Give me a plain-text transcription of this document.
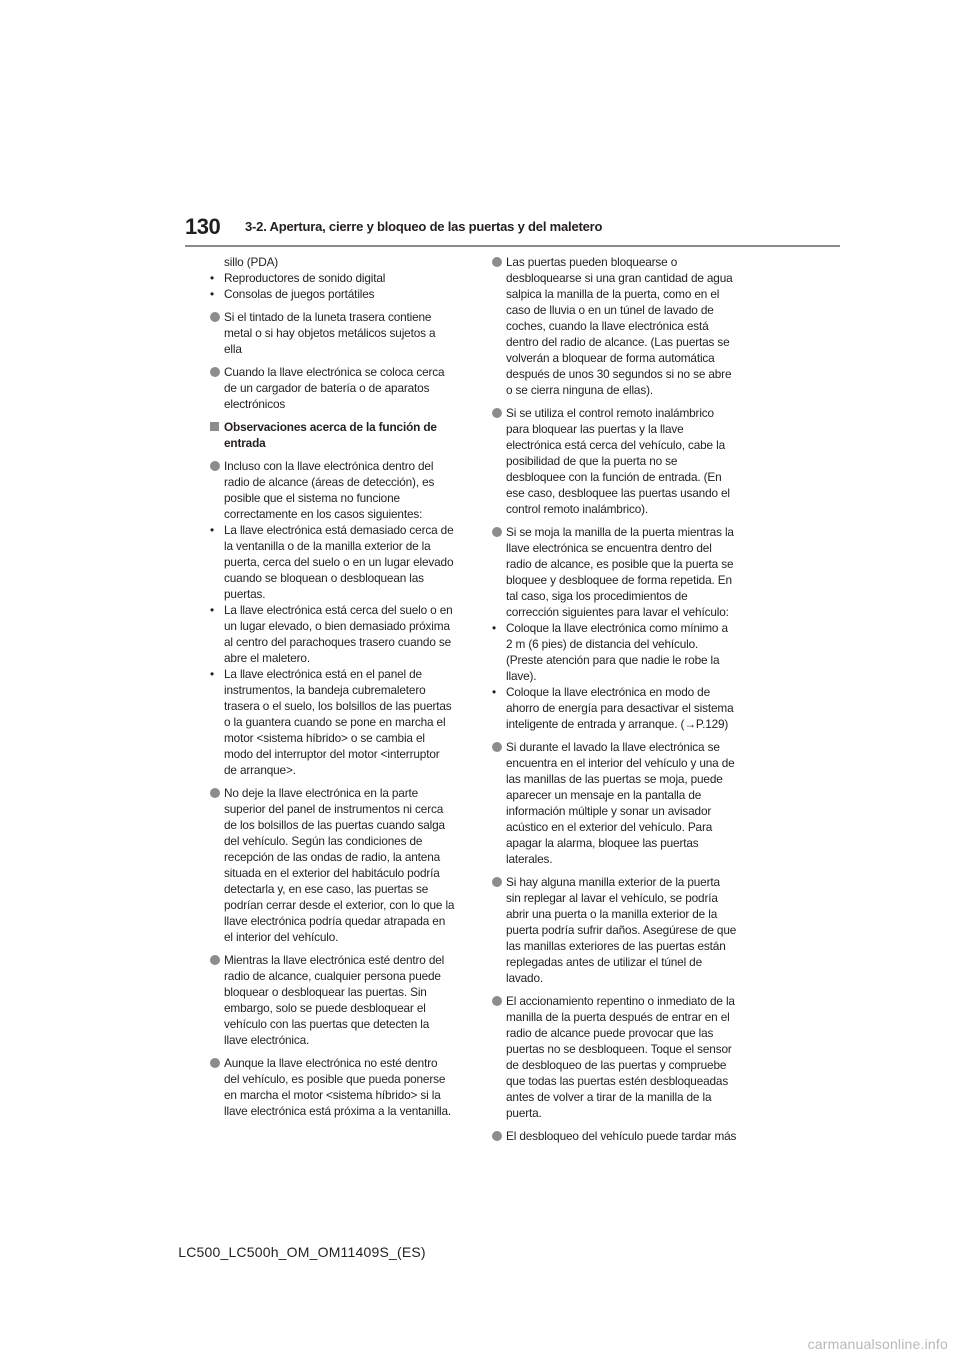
130 3-2. Apertura, cierre y bloqueo de las puertas y del maletero
sillo (PDA)
• Reproductores de sonido digital
• Consolas de juegos portátiles
Si el tintado de la luneta trasera contiene metal o si hay objetos metálicos sujetos a ella
Cuando la llave electrónica se coloca cerca de un cargador de batería o de aparatos electrónicos
Observaciones acerca de la función de entrada
Incluso con la llave electrónica dentro del radio de alcance (áreas de detección), es posible que el sistema no funcione correctamente en los casos siguientes:
• La llave electrónica está demasiado cerca de la ventanilla o de la manilla exterior de la puerta, cerca del suelo o en un lugar elevado cuando se bloquean o desbloquean las puertas.
• La llave electrónica está cerca del suelo o en un lugar elevado, o bien demasiado próxima al centro del parachoques trasero cuando se abre el maletero.
• La llave electrónica está en el panel de instrumentos, la bandeja cubremaletero trasera o el suelo, los bolsillos de las puertas o la guantera cuando se pone en marcha el motor <sistema híbrido> o se cambia el modo del interruptor del motor <interruptor de arranque>.
No deje la llave electrónica en la parte superior del panel de instrumentos ni cerca de los bolsillos de las puertas cuando salga del vehículo. Según las condiciones de recepción de las ondas de radio, la antena situada en el exterior del habitáculo podría detectarla y, en ese caso, las puertas se podrían cerrar desde el exterior, con lo que la llave electrónica podría quedar atrapada en el interior del vehículo.
Mientras la llave electrónica esté dentro del radio de alcance, cualquier persona puede bloquear o desbloquear las puertas. Sin embargo, solo se puede desbloquear el vehículo con las puertas que detecten la llave electrónica.
Aunque la llave electrónica no esté dentro del vehículo, es posible que pueda ponerse en marcha el motor <sistema híbrido> si la llave electrónica está próxima a la ventanilla.
Las puertas pueden bloquearse o desbloquearse si una gran cantidad de agua salpica la manilla de la puerta, como en el caso de lluvia o en un túnel de lavado de coches, cuando la llave electrónica está dentro del radio de alcance. (Las puertas se volverán a bloquear de forma automática después de unos 30 segundos si no se abre o se cierra ninguna de ellas).
Si se utiliza el control remoto inalámbrico para bloquear las puertas y la llave electrónica está cerca del vehículo, cabe la posibilidad de que la puerta no se desbloquee con la función de entrada. (En ese caso, desbloquee las puertas usando el control remoto inalámbrico).
Si se moja la manilla de la puerta mientras la llave electrónica se encuentra dentro del radio de alcance, es posible que la puerta se bloquee y desbloquee de forma repetida. En tal caso, siga los procedimientos de corrección siguientes para lavar el vehículo:
• Coloque la llave electrónica como mínimo a 2 m (6 pies) de distancia del vehículo. (Preste atención para que nadie le robe la llave).
• Coloque la llave electrónica en modo de ahorro de energía para desactivar el sistema inteligente de entrada y arranque. (→P.129)
Si durante el lavado la llave electrónica se encuentra en el interior del vehículo y una de las manillas de las puertas se moja, puede aparecer un mensaje en la pantalla de información múltiple y sonar un avisador acústico en el exterior del vehículo. Para apagar la alarma, bloquee las puertas laterales.
Si hay alguna manilla exterior de la puerta sin replegar al lavar el vehículo, se podría abrir una puerta o la manilla exterior de la puerta podría sufrir daños. Asegúrese de que las manillas exteriores de las puertas están replegadas antes de utilizar el túnel de lavado.
El accionamiento repentino o inmediato de la manilla de la puerta después de entrar en el radio de alcance puede provocar que las puertas no se desbloqueen. Toque el sensor de desbloqueo de las puertas y compruebe que todas las puertas estén desbloqueadas antes de volver a tirar de la manilla de la puerta.
El desbloqueo del vehículo puede tardar más
LC500_LC500h_OM_OM11409S_(ES)
carmanualsonline.info
